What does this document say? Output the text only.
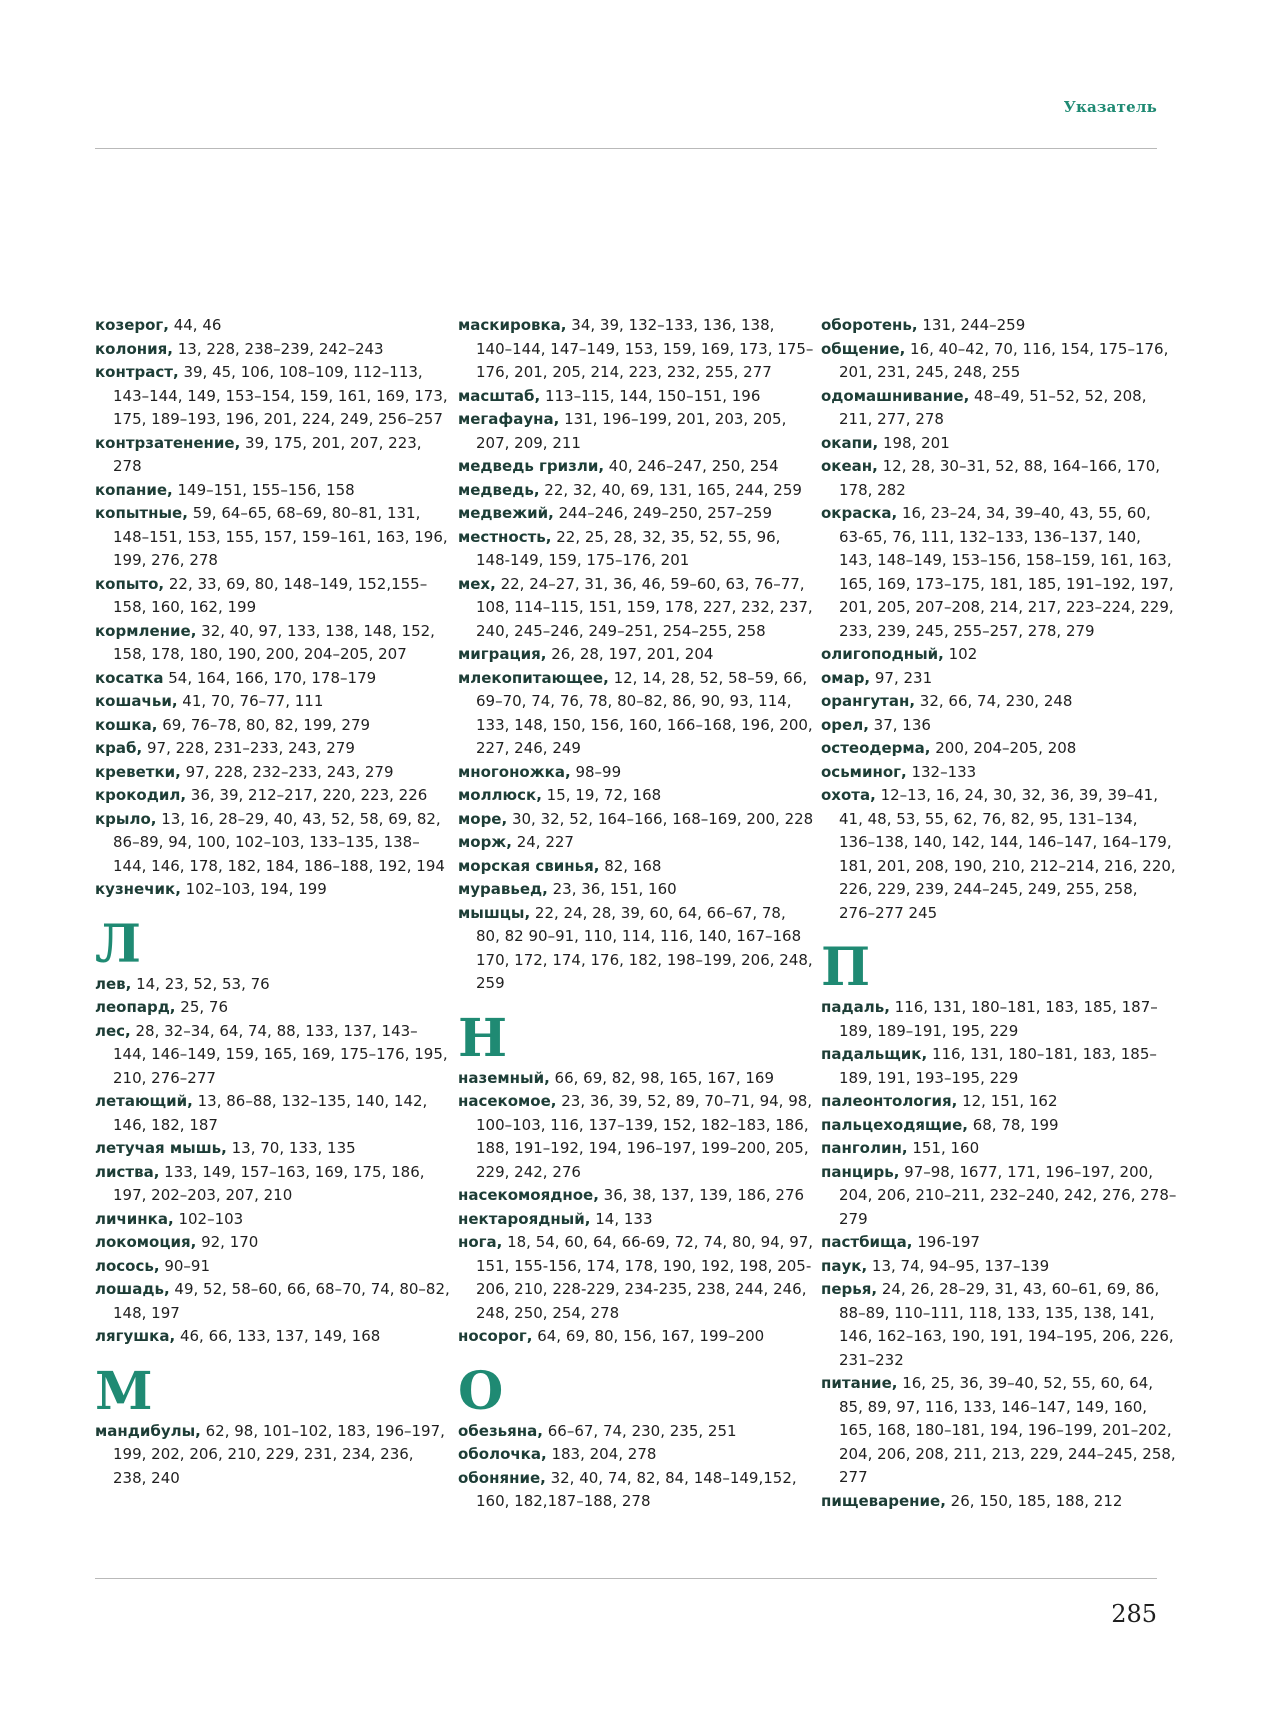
Указатель
козерог, 44, 46
колония, 13, 228, 238–239, 242–243
контраст, 39, 45, 106, 108–109, 112–113, 143–144, 149, 153–154, 159, 161, 169, 173, 175, 189–193, 196, 201, 224, 249, 256–257
контрзатенение, 39, 175, 201, 207, 223, 278
копание, 149–151, 155–156, 158
копытные, 59, 64–65, 68–69, 80–81, 131, 148–151, 153, 155, 157, 159–161, 163, 196, 199, 276, 278
копыто, 22, 33, 69, 80, 148–149, 152,155–158, 160, 162, 199
кормление, 32, 40, 97, 133, 138, 148, 152, 158, 178, 180, 190, 200, 204–205, 207
косатка 54, 164, 166, 170, 178–179
кошачьи, 41, 70, 76–77, 111
кошка, 69, 76–78, 80, 82, 199, 279
краб, 97, 228, 231–233, 243, 279
креветки, 97, 228, 232–233, 243, 279
крокодил, 36, 39, 212–217, 220, 223, 226
крыло, 13, 16, 28–29, 40, 43, 52, 58, 69, 82, 86–89, 94, 100, 102–103, 133–135, 138–144, 146, 178, 182, 184, 186–188, 192, 194
кузнечик, 102–103, 194, 199
Л
лев, 14, 23, 52, 53, 76
леопард, 25, 76
лес, 28, 32–34, 64, 74, 88, 133, 137, 143–144, 146–149, 159, 165, 169, 175–176, 195, 210, 276–277
летающий, 13, 86–88, 132–135, 140, 142, 146, 182, 187
летучая мышь, 13, 70, 133, 135
листва, 133, 149, 157–163, 169, 175, 186, 197, 202–203, 207, 210
личинка, 102–103
локомоция, 92, 170
лосось, 90–91
лошадь, 49, 52, 58–60, 66, 68–70, 74, 80–82, 148, 197
лягушка, 46, 66, 133, 137, 149, 168
М
мандибулы, 62, 98, 101–102, 183, 196–197, 199, 202, 206, 210, 229, 231, 234, 236, 238, 240
маскировка, 34, 39, 132–133, 136, 138, 140–144, 147–149, 153, 159, 169, 173, 175–176, 201, 205, 214, 223, 232, 255, 277
масштаб, 113–115, 144, 150–151, 196
мегафауна, 131, 196–199, 201, 203, 205, 207, 209, 211
медведь гризли, 40, 246–247, 250, 254
медведь, 22, 32, 40, 69, 131, 165, 244, 259
медвежий, 244–246, 249–250, 257–259
местность, 22, 25, 28, 32, 35, 52, 55, 96, 148-149, 159, 175–176, 201
мех, 22, 24–27, 31, 36, 46, 59–60, 63, 76–77, 108, 114–115, 151, 159, 178, 227, 232, 237, 240, 245–246, 249–251, 254–255, 258
миграция, 26, 28, 197, 201, 204
млекопитающее, 12, 14, 28, 52, 58–59, 66, 69–70, 74, 76, 78, 80–82, 86, 90, 93, 114, 133, 148, 150, 156, 160, 166–168, 196, 200, 227, 246, 249
многоножка, 98–99
моллюск, 15, 19, 72, 168
море, 30, 32, 52, 164–166, 168–169, 200, 228
морж, 24, 227
морская свинья, 82, 168
муравьед, 23, 36, 151, 160
мышцы, 22, 24, 28, 39, 60, 64, 66–67, 78, 80, 82 90–91, 110, 114, 116, 140, 167–168 170, 172, 174, 176, 182, 198–199, 206, 248, 259
Н
наземный, 66, 69, 82, 98, 165, 167, 169
насекомое, 23, 36, 39, 52, 89, 70–71, 94, 98, 100–103, 116, 137–139, 152, 182–183, 186, 188, 191–192, 194, 196–197, 199–200, 205, 229, 242, 276
насекомоядное, 36, 38, 137, 139, 186, 276
нектароядный, 14, 133
нога, 18, 54, 60, 64, 66-69, 72, 74, 80, 94, 97, 151, 155-156, 174, 178, 190, 192, 198, 205-206, 210, 228-229, 234-235, 238, 244, 246, 248, 250, 254, 278
носорог, 64, 69, 80, 156, 167, 199–200
О
обезьяна, 66–67, 74, 230, 235, 251
оболочка, 183, 204, 278
обоняние, 32, 40, 74, 82, 84, 148–149,152, 160, 182,187–188, 278
оборотень, 131, 244–259
общение, 16, 40–42, 70, 116, 154, 175–176, 201, 231, 245, 248, 255
одомашнивание, 48–49, 51–52, 52, 208, 211, 277, 278
окапи, 198, 201
океан, 12, 28, 30–31, 52, 88, 164–166, 170, 178, 282
окраска, 16, 23–24, 34, 39–40, 43, 55, 60, 63-65, 76, 111, 132–133, 136–137, 140, 143, 148–149, 153–156, 158–159, 161, 163, 165, 169, 173–175, 181, 185, 191–192, 197, 201, 205, 207–208, 214, 217, 223–224, 229, 233, 239, 245, 255–257, 278, 279
олигоподный, 102
омар, 97, 231
орангутан, 32, 66, 74, 230, 248
орел, 37, 136
остеодерма, 200, 204–205, 208
осьминог, 132–133
охота, 12–13, 16, 24, 30, 32, 36, 39, 39–41, 41, 48, 53, 55, 62, 76, 82, 95, 131–134, 136–138, 140, 142, 144, 146–147, 164–179, 181, 201, 208, 190, 210, 212–214, 216, 220, 226, 229, 239, 244–245, 249, 255, 258, 276–277 245
П
падаль, 116, 131, 180–181, 183, 185, 187–189, 189–191, 195, 229
падальщик, 116, 131, 180–181, 183, 185–189, 191, 193–195, 229
палеонтология, 12, 151, 162
пальцеходящие, 68, 78, 199
панголин, 151, 160
панцирь, 97–98, 1677, 171, 196–197, 200, 204, 206, 210–211, 232–240, 242, 276, 278–279
пастбища, 196-197
паук, 13, 74, 94–95, 137–139
перья, 24, 26, 28–29, 31, 43, 60–61, 69, 86, 88–89, 110–111, 118, 133, 135, 138, 141, 146, 162–163, 190, 191, 194–195, 206, 226, 231–232
питание, 16, 25, 36, 39–40, 52, 55, 60, 64, 85, 89, 97, 116, 133, 146–147, 149, 160, 165, 168, 180–181, 194, 196–199, 201–202, 204, 206, 208, 211, 213, 229, 244–245, 258, 277
пищеварение, 26, 150, 185, 188, 212
285
